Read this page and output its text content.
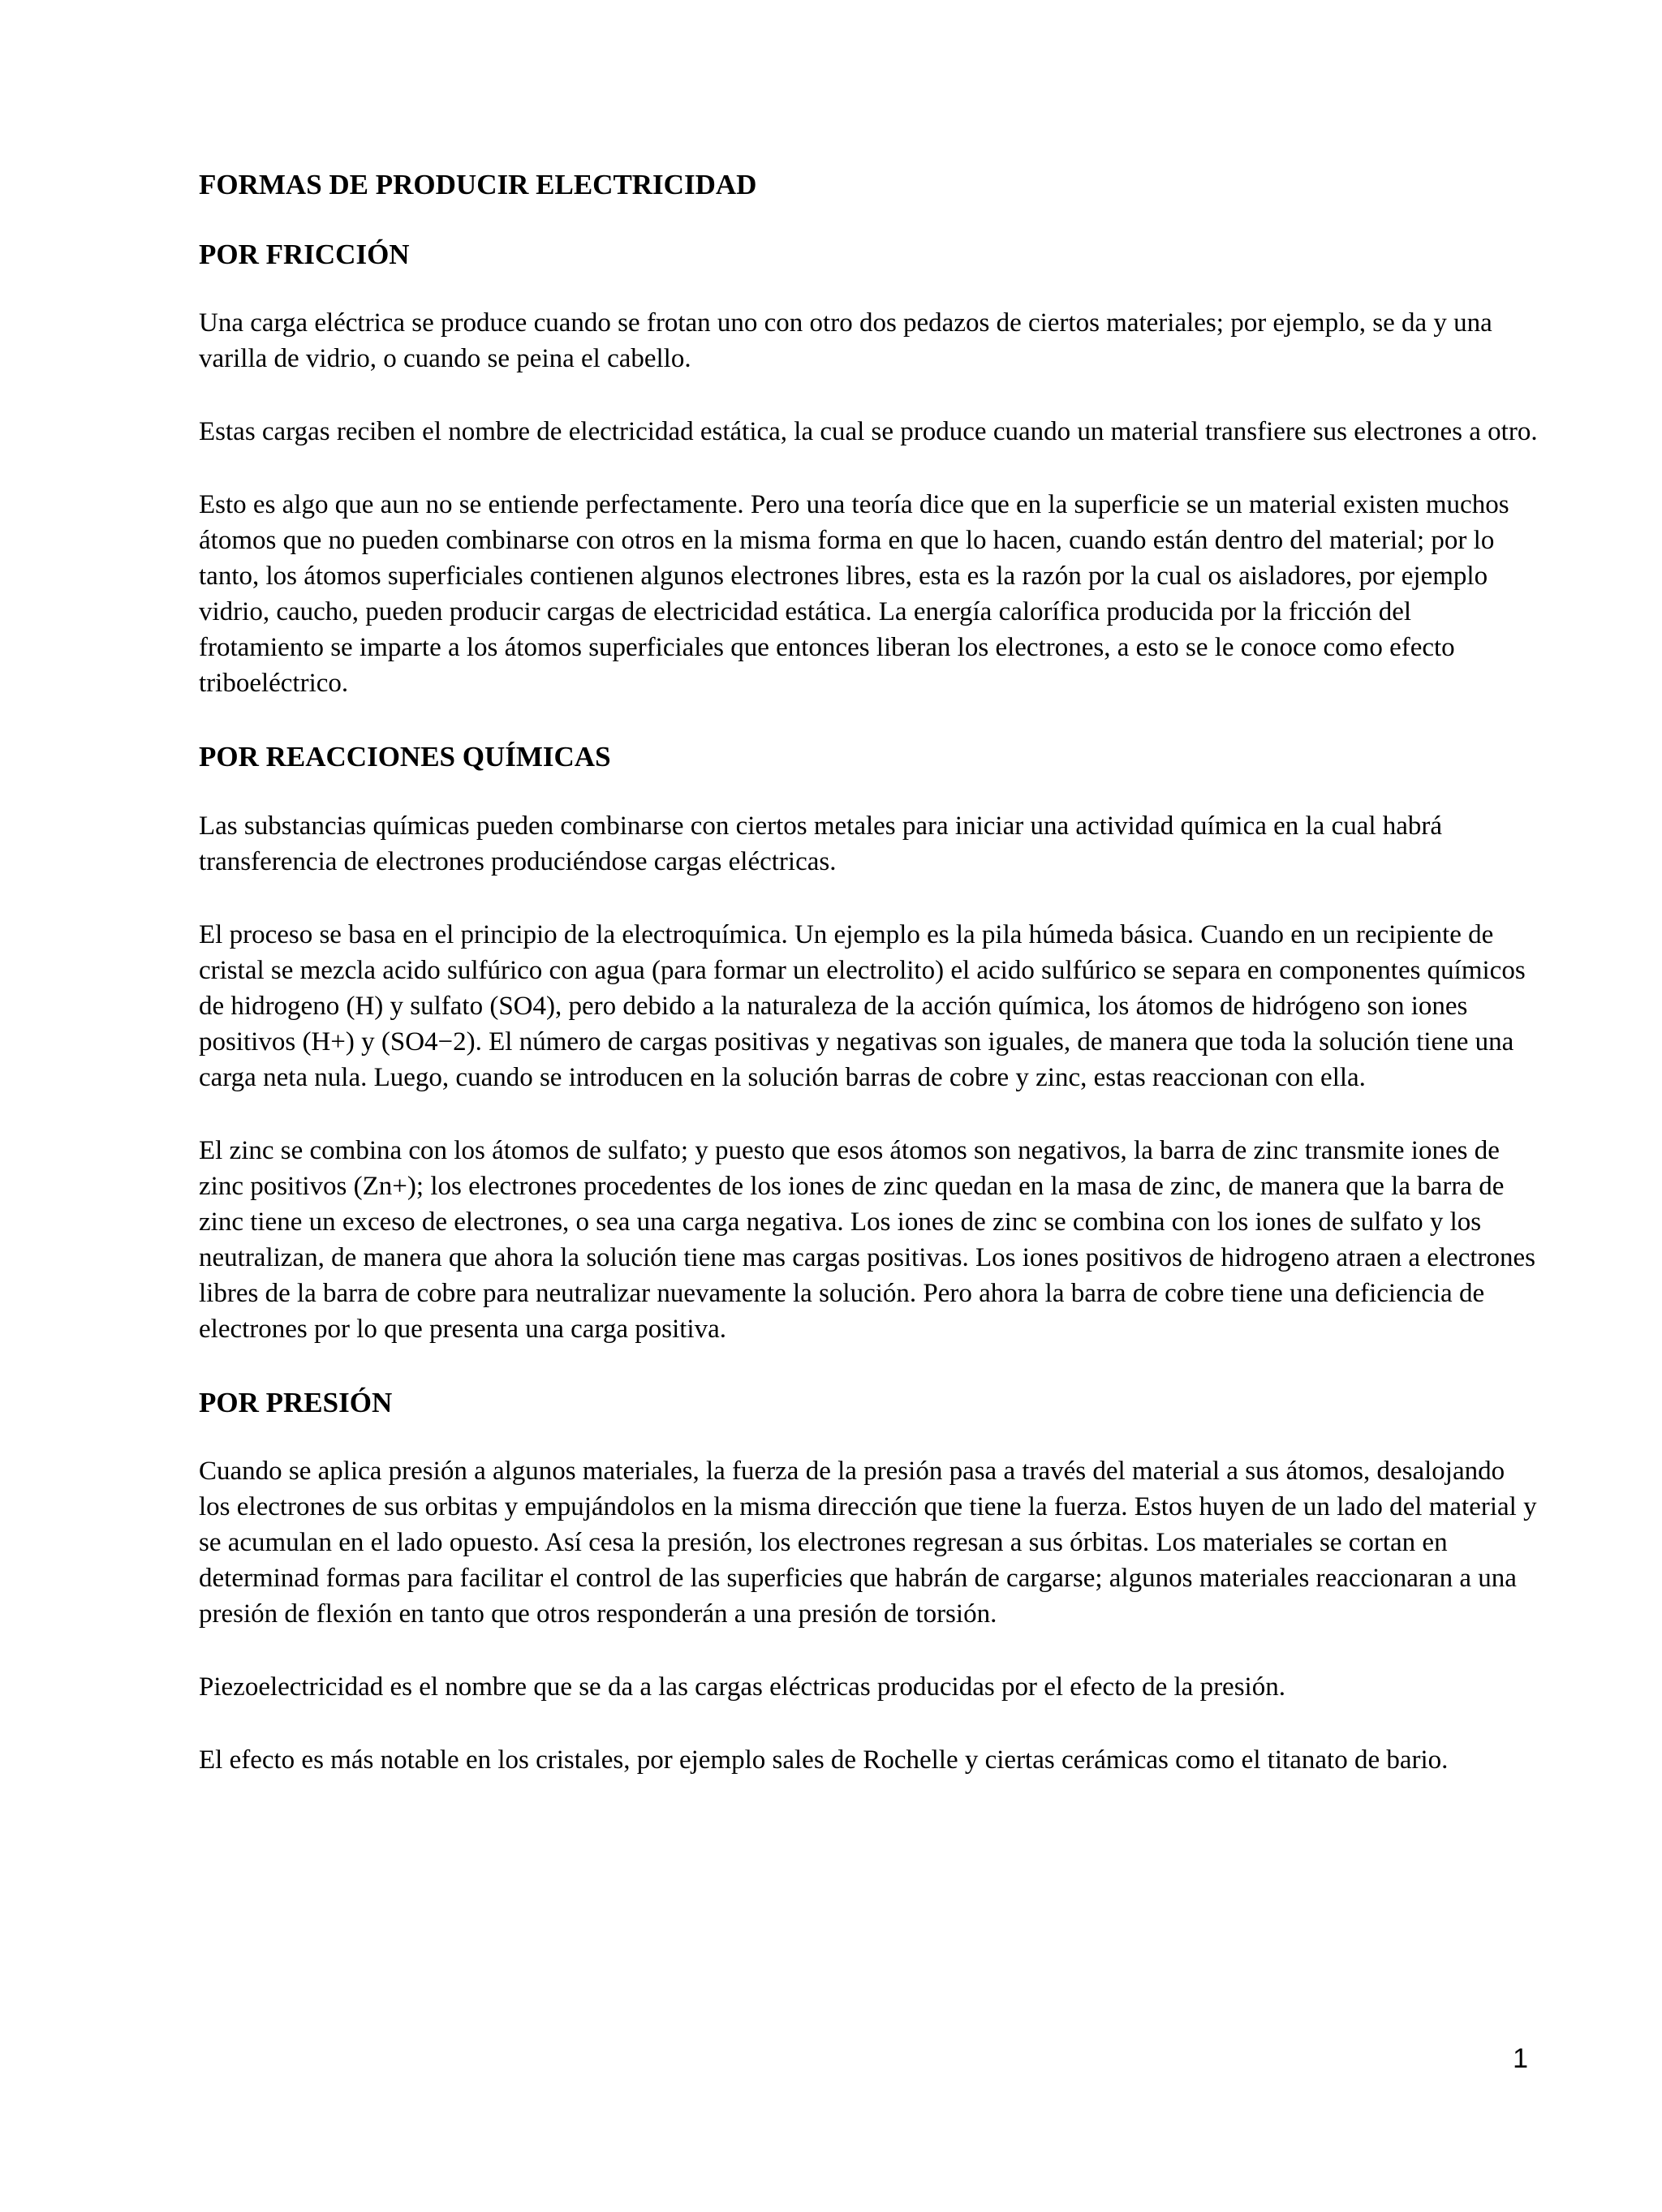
FORMAS DE PRODUCIR ELECTRICIDAD
POR FRICCIÓN

Una carga eléctrica se produce cuando se frotan uno con otro dos pedazos de ciertos materiales; por ejemplo, se da y una varilla de vidrio, o cuando se peina el cabello.

Estas cargas reciben el nombre de electricidad estática, la cual se produce cuando un material transfiere sus electrones a otro.

Esto es algo que aun no se entiende perfectamente. Pero una teoría dice que en la superficie se un material existen muchos átomos que no pueden combinarse con otros en la misma forma en que lo hacen, cuando están dentro del material; por lo tanto, los átomos superficiales contienen algunos electrones libres, esta es la razón por la cual os aisladores, por ejemplo vidrio, caucho, pueden producir cargas de electricidad estática. La energía calorífica producida por la fricción del frotamiento se imparte a los átomos superficiales que entonces liberan los electrones, a esto se le conoce como efecto triboeléctrico.

POR REACCIONES QUÍMICAS

Las substancias químicas pueden combinarse con ciertos metales para iniciar una actividad química en la cual habrá transferencia de electrones produciéndose cargas eléctricas.

El proceso se basa en el principio de la electroquímica. Un ejemplo es la pila húmeda básica. Cuando en un recipiente de cristal se mezcla acido sulfúrico con agua (para formar un electrolito) el acido sulfúrico se separa en componentes químicos de hidrogeno (H) y sulfato (SO4), pero debido a la naturaleza de la acción química, los átomos de hidrógeno son iones positivos (H+) y (SO4−2). El número de cargas positivas y negativas son iguales, de manera que toda la solución tiene una carga neta nula. Luego, cuando se introducen en la solución barras de cobre y zinc, estas reaccionan con ella.

El zinc se combina con los átomos de sulfato; y puesto que esos átomos son negativos, la barra de zinc transmite iones de zinc positivos (Zn+); los electrones procedentes de los iones de zinc quedan en la masa de zinc, de manera que la barra de zinc tiene un exceso de electrones, o sea una carga negativa. Los iones de zinc se combina con los iones de sulfato y los neutralizan, de manera que ahora la solución tiene mas cargas positivas. Los iones positivos de hidrogeno atraen a electrones libres de la barra de cobre para neutralizar nuevamente la solución. Pero ahora la barra de cobre tiene una deficiencia de electrones por lo que presenta una carga positiva.

POR PRESIÓN

Cuando se aplica presión a algunos materiales, la fuerza de la presión pasa a través del material a sus átomos, desalojando los electrones de sus orbitas y empujándolos en la misma dirección que tiene la fuerza. Estos huyen de un lado del material y se acumulan en el lado opuesto. Así cesa la presión, los electrones regresan a sus órbitas. Los materiales se cortan en determinad formas para facilitar el control de las superficies que habrán de cargarse; algunos materiales reaccionaran a una presión de flexión en tanto que otros responderán a una presión de torsión.

Piezoelectricidad es el nombre que se da a las cargas eléctricas producidas por el efecto de la presión.

El efecto es más notable en los cristales, por ejemplo sales de Rochelle y ciertas cerámicas como el titanato de bario.

1
